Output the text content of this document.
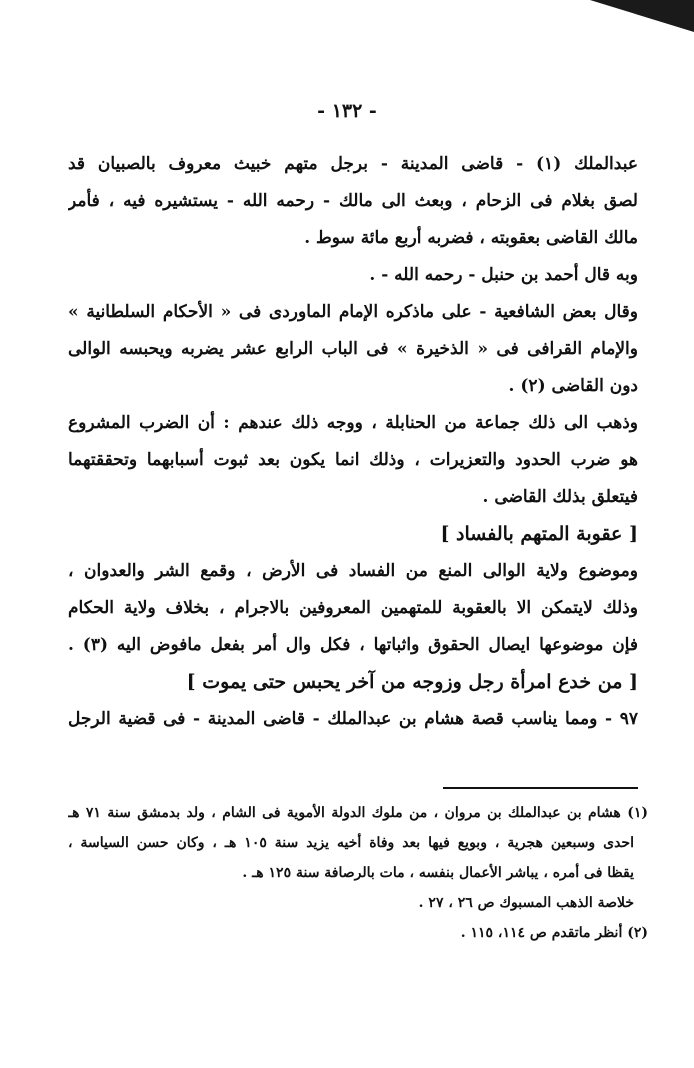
- ١٣٢ -
عبدالملك (١) - قاضى المدينة - برجل متهم خبيث معروف بالصبيان قد
لصق بغلام فى الزحام ، وبعث الى مالك - رحمه الله - يستشيره فيه ، فأمر
مالك القاضى بعقوبته ، فضربه أربع مائة سوط .
وبه قال أحمد بن حنبل - رحمه الله - .
وقال بعض الشافعية - على ماذكره الإمام الماوردى فى « الأحكام السلطانية »
والإمام القرافى فى « الذخيرة » فى الباب الرابع عشر يضربه ويحبسه الوالى
دون القاضى (٢) .
وذهب الى ذلك جماعة من الحنابلة ، ووجه ذلك عندهم : أن الضرب المشروع
هو ضرب الحدود والتعزيرات ، وذلك انما يكون بعد ثبوت أسبابهما وتحققتهما
فيتعلق بذلك القاضى .
[ عقوبة المتهم بالفساد ]
وموضوع ولاية الوالى المنع من الفساد فى الأرض ، وقمع الشر والعدوان ،
وذلك لايتمكن الا بالعقوبة للمتهمين المعروفين بالاجرام ، بخلاف ولاية الحكام
فإن موضوعها ايصال الحقوق واثباتها ، فكل وال أمر بفعل مافوض اليه (٣) .
[ من خدع امرأة رجل وزوجه من آخر يحبس حتى يموت ]
٩٧ - ومما يناسب قصة هشام بن عبدالملك - قاضى المدينة - فى قضية الرجل
(١) هشام بن عبدالملك بن مروان ، من ملوك الدولة الأموية فى الشام ، ولد بدمشق سنة ٧١ هـ
احدى وسبعين هجرية ، وبويع فيها بعد وفاة أخيه يزيد سنة ١٠٥ هـ ، وكان حسن السياسة ،
يقظا فى أمره ، يباشر الأعمال بنفسه ، مات بالرصافة سنة ١٢٥ هـ .
خلاصة الذهب المسبوك ص ٢٦ ، ٢٧ .
(٢) أنظر ماتقدم ص ١١٤، ١١٥ .
